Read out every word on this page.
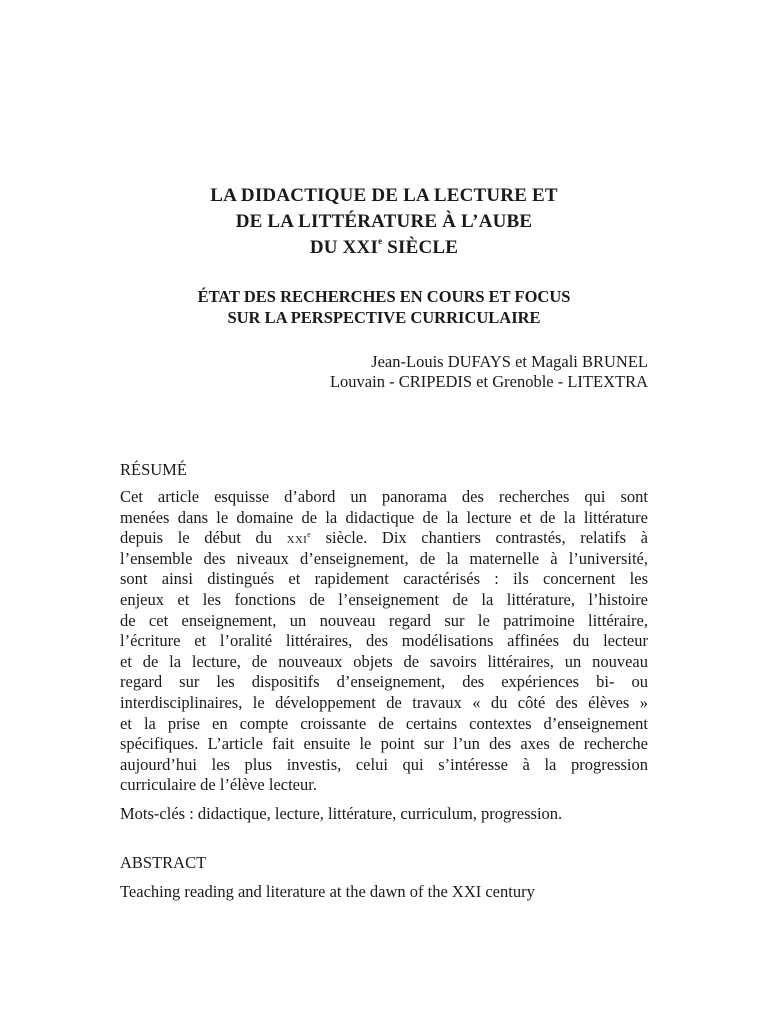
LA DIDACTIQUE DE LA LECTURE ET
DE LA LITTÉRATURE À L’AUBE
DU XXIe SIÈCLE
ÉTAT DES RECHERCHES EN COURS ET FOCUS
SUR LA PERSPECTIVE CURRICULAIRE
Jean-Louis DUFAYS et Magali BRUNEL
Louvain - CRIPEDIS et Grenoble - LITEXTRA
RÉSUMÉ
Cet article esquisse d’abord un panorama des recherches qui sont
menées dans le domaine de la didactique de la lecture et de la littérature
depuis le début du XXIe siècle. Dix chantiers contrastés, relatifs à
l’ensemble des niveaux d’enseignement, de la maternelle à l’université,
sont ainsi distingués et rapidement caractérisés : ils concernent les
enjeux et les fonctions de l’enseignement de la littérature, l’histoire
de cet enseignement, un nouveau regard sur le patrimoine littéraire,
l’écriture et l’oralité littéraires, des modélisations affinées du lecteur
et de la lecture, de nouveaux objets de savoirs littéraires, un nouveau
regard sur les dispositifs d’enseignement, des expériences bi- ou
interdisciplinaires, le développement de travaux « du côté des élèves »
et la prise en compte croissante de certains contextes d’enseignement
spécifiques. L’article fait ensuite le point sur l’un des axes de recherche
aujourd’hui les plus investis, celui qui s’intéresse à la progression
curriculaire de l’élève lecteur.
Mots-clés : didactique, lecture, littérature, curriculum, progression.
ABSTRACT
Teaching reading and literature at the dawn of the XXI century
